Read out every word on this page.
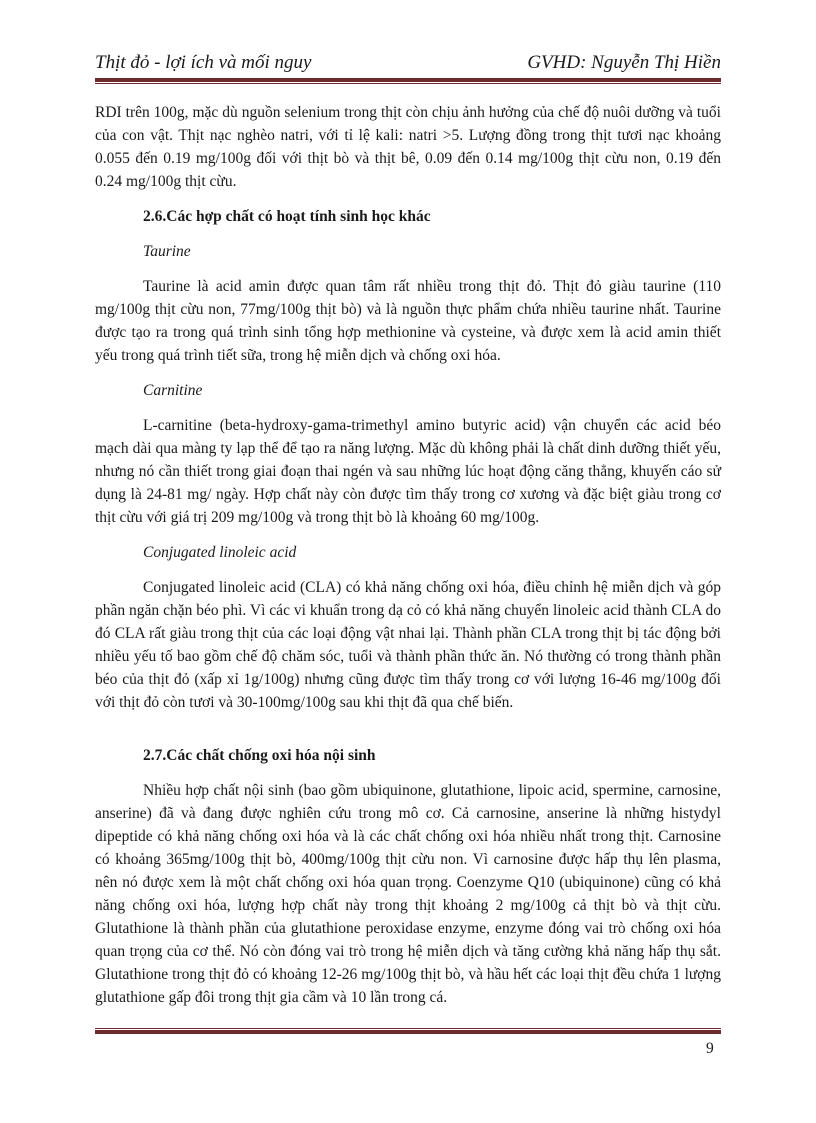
Thịt đỏ - lợi ích và mối nguy	GVHD: Nguyễn Thị Hiền

RDI trên 100g, mặc dù nguồn selenium trong thịt còn chịu ảnh hưởng của chế độ nuôi dưỡng và tuổi của con vật. Thịt nạc nghèo natri, với tỉ lệ kali: natri >5. Lượng đồng trong thịt tươi nạc khoảng 0.055 đến 0.19 mg/100g đối với thịt bò và thịt bê, 0.09 đến 0.14 mg/100g thịt cừu non, 0.19 đến 0.24 mg/100g thịt cừu.

2.6.Các hợp chất có hoạt tính sinh học khác

Taurine

Taurine là acid amin được quan tâm rất nhiều trong thịt đỏ. Thịt đỏ giàu taurine (110 mg/100g thịt cừu non, 77mg/100g thịt bò) và là nguồn thực phẩm chứa nhiều taurine nhất. Taurine được tạo ra trong quá trình sinh tổng hợp methionine và cysteine, và được xem là acid amin thiết yếu trong quá trình tiết sữa, trong hệ miễn dịch và chống oxi hóa.

Carnitine

L-carnitine (beta-hydroxy-gama-trimethyl amino butyric acid) vận chuyển các acid béo mạch dài qua màng ty lạp thể để tạo ra năng lượng. Mặc dù không phải là chất dinh dưỡng thiết yếu, nhưng nó cần thiết trong giai đoạn thai ngén và sau những lúc hoạt động căng thẳng, khuyến cáo sử dụng là 24-81 mg/ ngày. Hợp chất này còn được tìm thấy trong cơ xương và đặc biệt giàu trong cơ thịt cừu với giá trị 209 mg/100g và trong thịt bò là khoảng 60 mg/100g.

Conjugated linoleic acid

Conjugated linoleic acid (CLA) có khả năng chống oxi hóa, điều chỉnh hệ miễn dịch và góp phần ngăn chặn béo phì. Vì các vi khuẩn trong dạ cỏ có khả năng chuyển linoleic acid thành CLA do đó CLA rất giàu trong thịt của các loại động vật nhai lại. Thành phần CLA trong thịt bị tác động bởi nhiều yếu tố bao gồm chế độ chăm sóc, tuổi và thành phần thức ăn. Nó thường có trong thành phần béo của thịt đỏ (xấp xỉ 1g/100g) nhưng cũng được tìm thấy trong cơ với lượng 16-46 mg/100g đối với thịt đỏ còn tươi và 30-100mg/100g sau khi thịt đã qua chế biến.

2.7.Các chất chống oxi hóa nội sinh

Nhiều hợp chất nội sinh (bao gồm ubiquinone, glutathione, lipoic acid, spermine, carnosine, anserine) đã và đang được nghiên cứu trong mô cơ. Cả carnosine, anserine là những histydyl dipeptide có khả năng chống oxi hóa và là các chất chống oxi hóa nhiều nhất trong thịt. Carnosine có khoảng 365mg/100g thịt bò, 400mg/100g thịt cừu non. Vì carnosine được hấp thụ lên plasma, nên nó được xem là một chất chống oxi hóa quan trọng. Coenzyme Q10 (ubiquinone) cũng có khả năng chống oxi hóa, lượng hợp chất này trong thịt khoảng 2 mg/100g cả thịt bò và thịt cừu. Glutathione là thành phần của glutathione peroxidase enzyme, enzyme đóng vai trò chống oxi hóa quan trọng của cơ thể. Nó còn đóng vai trò trong hệ miễn dịch và tăng cường khả năng hấp thụ sắt. Glutathione trong thịt đỏ có khoảng 12-26 mg/100g thịt bò, và hầu hết các loại thịt đều chứa 1 lượng glutathione gấp đôi trong thịt gia cầm và 10 lần trong cá.

9
